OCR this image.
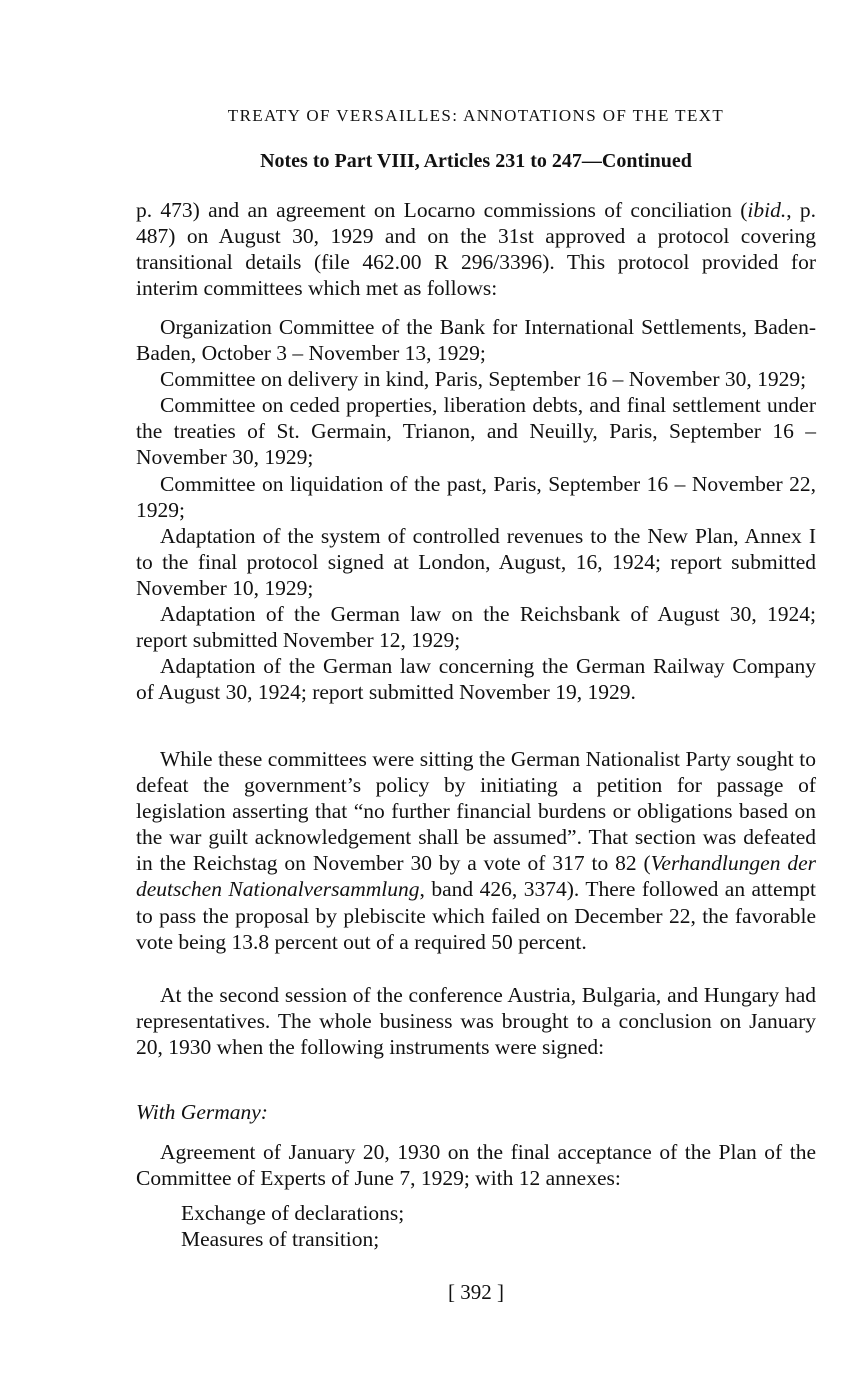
TREATY OF VERSAILLES: ANNOTATIONS OF THE TEXT
Notes to Part VIII, Articles 231 to 247—Continued

p. 473) and an agreement on Locarno commissions of conciliation (ibid., p. 487) on August 30, 1929 and on the 31st approved a protocol covering transitional details (file 462.00 R 296/3396). This protocol provided for interim committees which met as follows:

Organization Committee of the Bank for International Settlements, Baden-Baden, October 3 – November 13, 1929;

Committee on delivery in kind, Paris, September 16 – November 30, 1929;

Committee on ceded properties, liberation debts, and final settlement under the treaties of St. Germain, Trianon, and Neuilly, Paris, September 16 – November 30, 1929;

Committee on liquidation of the past, Paris, September 16 – November 22, 1929;

Adaptation of the system of controlled revenues to the New Plan, Annex I to the final protocol signed at London, August, 16, 1924; report submitted November 10, 1929;

Adaptation of the German law on the Reichsbank of August 30, 1924; report submitted November 12, 1929;

Adaptation of the German law concerning the German Railway Company of August 30, 1924; report submitted November 19, 1929.

While these committees were sitting the German Nationalist Party sought to defeat the government’s policy by initiating a petition for passage of legislation asserting that “no further financial burdens or obligations based on the war guilt acknowledgement shall be assumed”. That section was defeated in the Reichstag on November 30 by a vote of 317 to 82 (Verhandlungen der deutschen Nationalversammlung, band 426, 3374). There followed an attempt to pass the proposal by plebiscite which failed on December 22, the favorable vote being 13.8 percent out of a required 50 percent.

At the second session of the conference Austria, Bulgaria, and Hungary had representatives. The whole business was brought to a conclusion on January 20, 1930 when the following instruments were signed:

With Germany:

Agreement of January 20, 1930 on the final acceptance of the Plan of the Committee of Experts of June 7, 1929; with 12 annexes:

Exchange of declarations;

Measures of transition;

[ 392 ]
